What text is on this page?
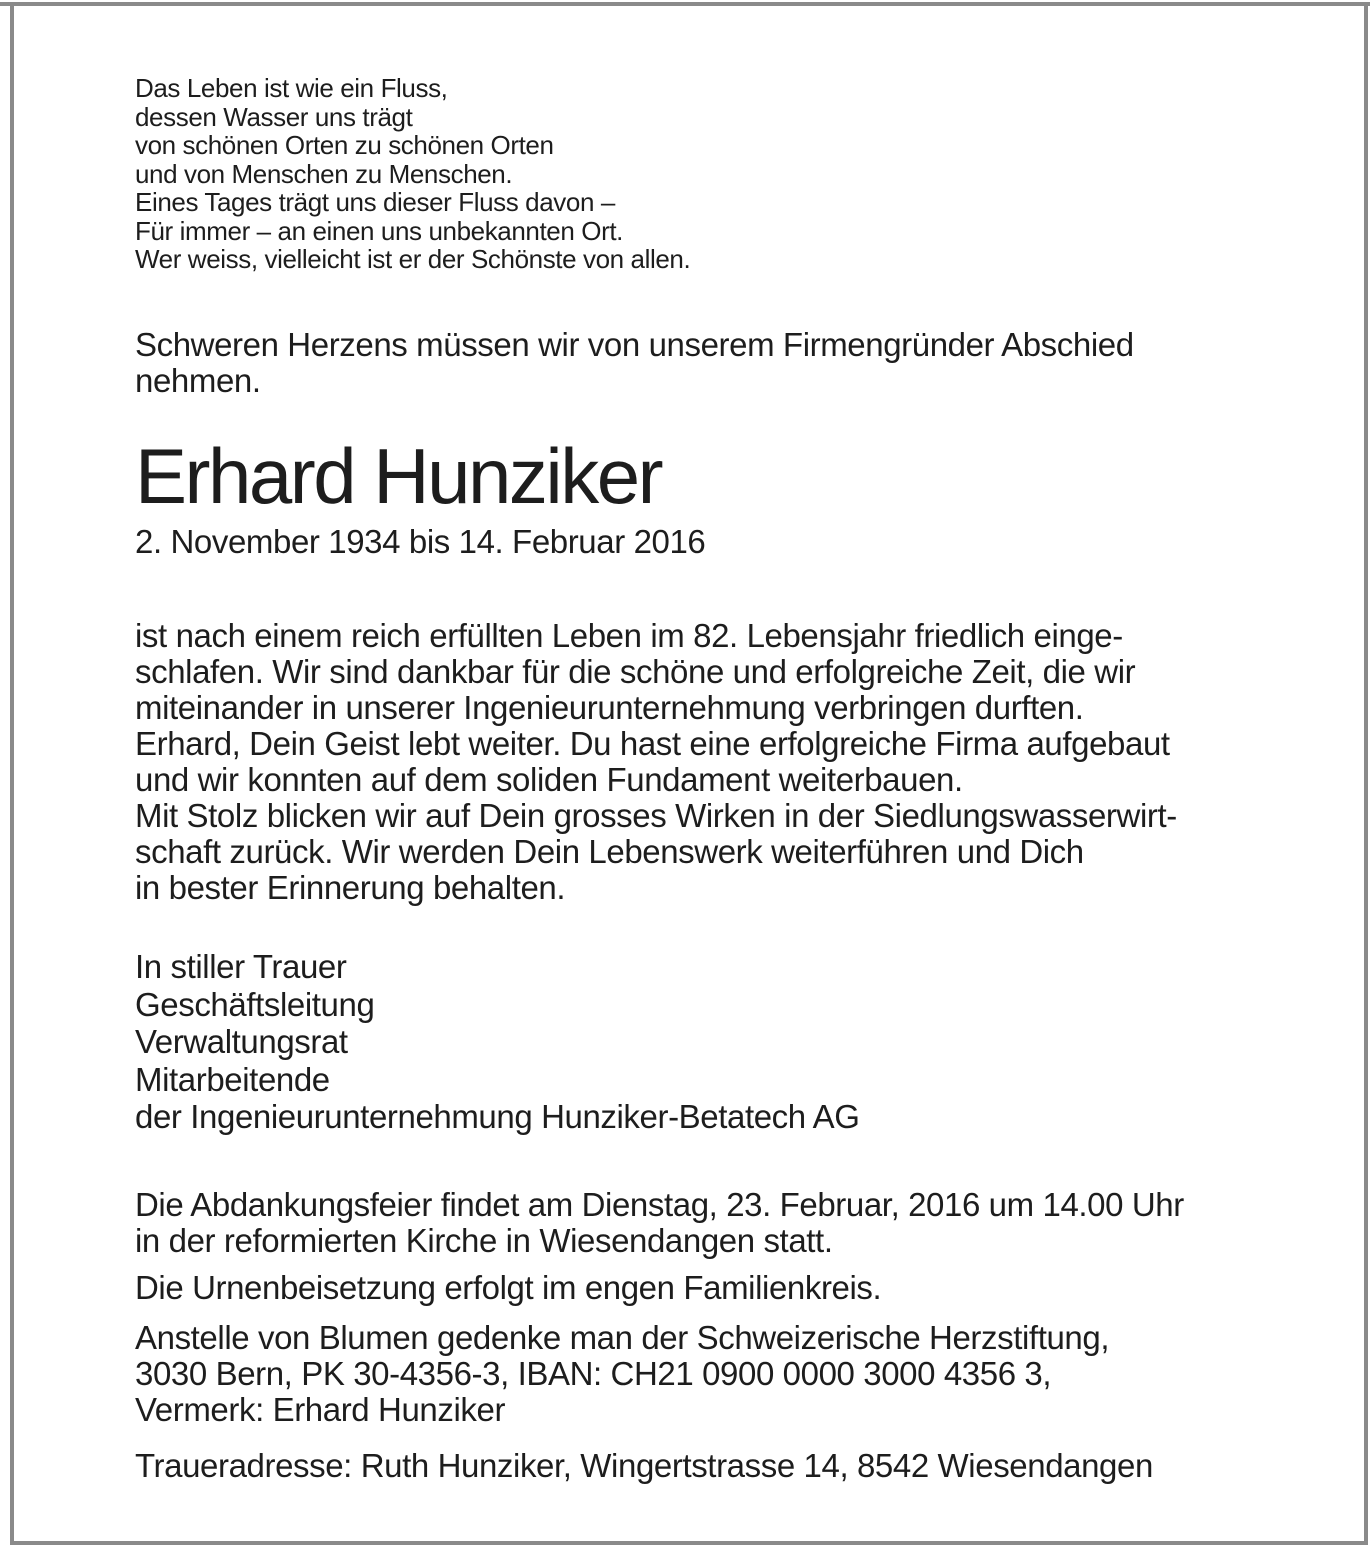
Das Leben ist wie ein Fluss,
dessen Wasser uns trägt
von schönen Orten zu schönen Orten
und von Menschen zu Menschen.
Eines Tages trägt uns dieser Fluss davon –
Für immer – an einen uns unbekannten Ort.
Wer weiss, vielleicht ist er der Schönste von allen.
Schweren Herzens müssen wir von unserem Firmengründer Abschied
nehmen.
Erhard Hunziker
2. November 1934 bis 14. Februar 2016
ist nach einem reich erfüllten Leben im 82. Lebensjahr friedlich einge-
schlafen. Wir sind dankbar für die schöne und erfolgreiche Zeit, die wir
miteinander in unserer Ingenieurunternehmung verbringen durften.
Erhard, Dein Geist lebt weiter. Du hast eine erfolgreiche Firma aufgebaut
und wir konnten auf dem soliden Fundament weiterbauen.
Mit Stolz blicken wir auf Dein grosses Wirken in der Siedlungswasserwirt-
schaft zurück. Wir werden Dein Lebenswerk weiterführen und Dich
in bester Erinnerung behalten.
In stiller Trauer
Geschäftsleitung
Verwaltungsrat
Mitarbeitende
der Ingenieurunternehmung Hunziker-Betatech AG
Die Abdankungsfeier findet am Dienstag, 23. Februar, 2016 um 14.00 Uhr
in der reformierten Kirche in Wiesendangen statt.
Die Urnenbeisetzung erfolgt im engen Familienkreis.
Anstelle von Blumen gedenke man der Schweizerische Herzstiftung,
3030 Bern, PK 30-4356-3, IBAN: CH21 0900 0000 3000 4356 3,
Vermerk: Erhard Hunziker
Traueradresse: Ruth Hunziker, Wingertstrasse 14, 8542 Wiesendangen
